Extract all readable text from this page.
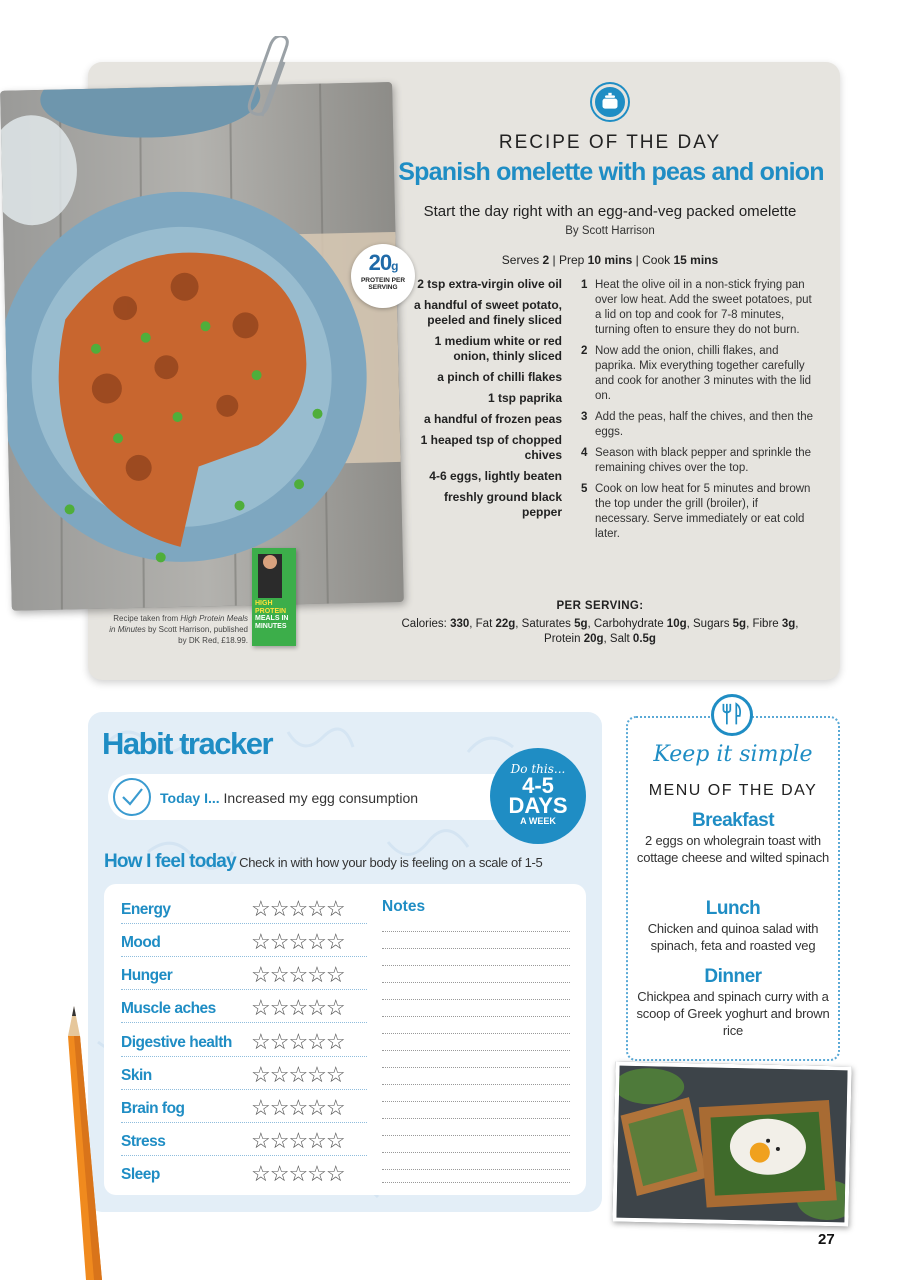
20g
PROTEIN PER SERVING
HIGH PROTEIN
MEALS IN MINUTES
Recipe taken from High Protein Meals in Minutes by Scott Harrison, published by DK Red, £18.99.
RECIPE OF THE DAY
Spanish omelette with peas and onion
Start the day right with an egg-and-veg packed omelette
By Scott Harrison
Serves 2 | Prep 10 mins | Cook 15 mins
2 tsp extra-virgin olive oil
a handful of sweet potato, peeled and finely sliced
1 medium white or red onion, thinly sliced
a pinch of chilli flakes
1 tsp paprika
a handful of frozen peas
1 heaped tsp of chopped chives
4-6 eggs, lightly beaten
freshly ground black pepper
1 Heat the olive oil in a non-stick frying pan over low heat. Add the sweet potatoes, put a lid on top and cook for 7-8 minutes, turning often to ensure they do not burn.
2 Now add the onion, chilli flakes, and paprika. Mix everything together carefully and cook for another 3 minutes with the lid on.
3 Add the peas, half the chives, and then the eggs.
4 Season with black pepper and sprinkle the remaining chives over the top.
5 Cook on low heat for 5 minutes and brown the top under the grill (broiler), if necessary. Serve immediately or eat cold later.
PER SERVING:
Calories: 330, Fat 22g, Saturates 5g, Carbohydrate 10g, Sugars 5g, Fibre 3g, Protein 20g, Salt 0.5g
Habit tracker
Today I... Increased my egg consumption
Do this...
4-5
DAYS
A WEEK
How I feel today Check in with how your body is feeling on a scale of 1-5
Notes
Energy	☆☆☆☆☆
Mood	☆☆☆☆☆
Hunger	☆☆☆☆☆
Muscle aches ☆☆☆☆☆
Digestive health ☆☆☆☆☆
Skin	☆☆☆☆☆
Brain fog	☆☆☆☆☆
Stress	☆☆☆☆☆
Sleep	☆☆☆☆☆
Keep it simple
MENU OF THE DAY
Breakfast
2 eggs on wholegrain toast with cottage cheese and wilted spinach
Lunch
Chicken and quinoa salad with spinach, feta and roasted veg
Dinner
Chickpea and spinach curry with a scoop of Greek yoghurt and brown rice
27
